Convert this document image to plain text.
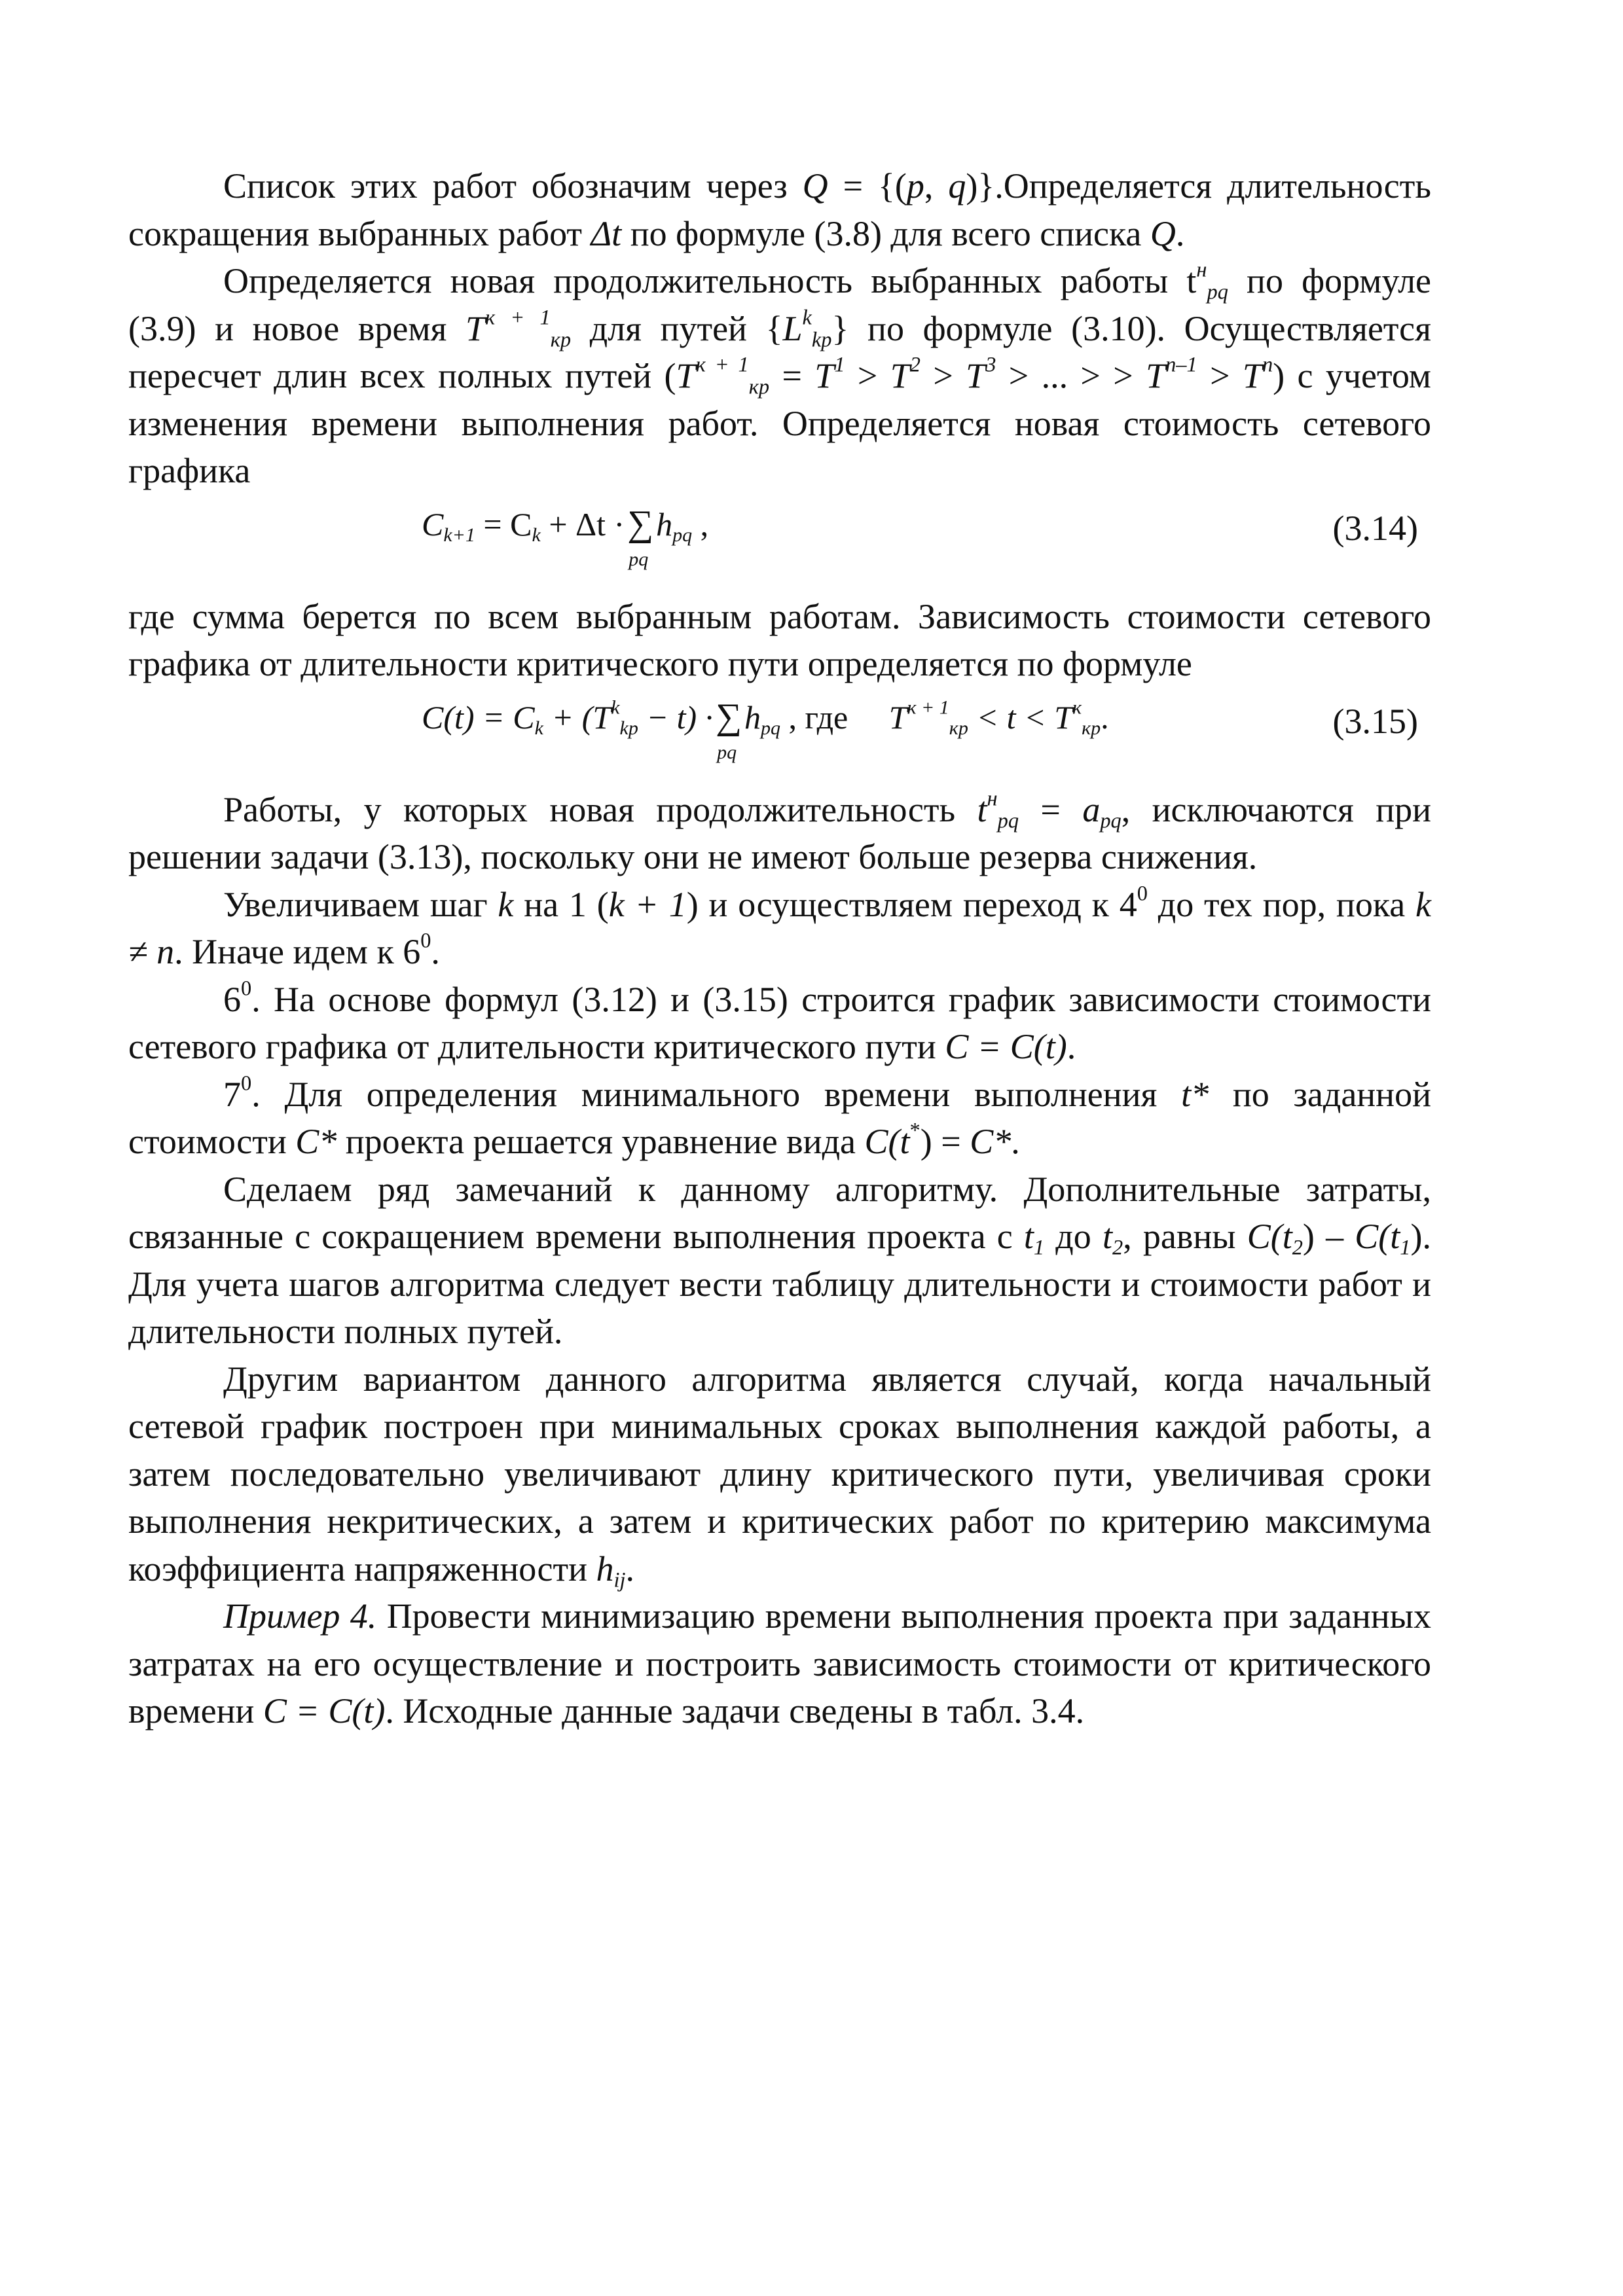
Список этих работ обозначим через Q = {(p, q)}.Определяется длительность сокращения выбранных работ Δt по формуле (3.8) для всего списка Q.

Определяется новая продолжительность выбранных работы $t^н_{pq}$ по формуле (3.9) и новое время $T^{к + 1}_{кр}$ для путей $\{L^k_{kp}\}$ по формуле (3.10). Осуществляется пересчет длин всех полных путей ($T^{к + 1}_{кр} = T^1 > T^2 > T^3$ > ... > > $T^{n-1} > T^n$) с учетом изменения времени выполнения работ. Определяется новая стоимость сетевого графика

$C_{k+1} = C_k + \Delta t$ ·∑
pq
$h_{pq}$ ,	(3.14)

где сумма берется по всем выбранным работам. Зависимость стоимости сетевого графика от длительности критического пути определяется по формуле

$C(t) = C_k + (T^k_{kp} - t)$ ·∑
pq
$h_{pq}$ , где     $T^{к + 1}_{кр} < t < T^к_{кр}$.	(3.15)

Работы, у которых новая продолжительность $t^н_{pq} = a_{pq}$, исключаются при решении задачи (3.13), поскольку они не имеют больше резерва снижения.

Увеличиваем шаг k на 1 (k + 1) и осуществляем переход к $4^0$ до тех пор, пока k ≠ n. Иначе идем к $6^0$.

$6^0$. На основе формул (3.12) и (3.15) строится график зависимости стоимости сетевого графика от длительности критического пути C = C(t).

$7^0$. Для определения минимального времени выполнения t* по заданной стоимости C* проекта решается уравнение вида C(t*) = C*.

Сделаем ряд замечаний к данному алгоритму. Дополнительные затраты, связанные с сокращением времени выполнения проекта с $t_1$ до $t_2$, равны $C(t_2) - C(t_1)$. Для учета шагов алгоритма следует вести таблицу длительности и стоимости работ и длительности полных путей.

Другим вариантом данного алгоритма является случай, когда начальный сетевой график построен при минимальных сроках выполнения каждой работы, а затем последовательно увеличивают длину критического пути, увеличивая сроки выполнения некритических, а затем и критических работ по критерию максимума коэффициента напряженности $h_{ij}$.

Пример 4. Провести минимизацию времени выполнения проекта при заданных затратах на его осуществление и построить зависимость стоимости от критического времени C = C(t). Исходные данные задачи сведены в табл. 3.4.
